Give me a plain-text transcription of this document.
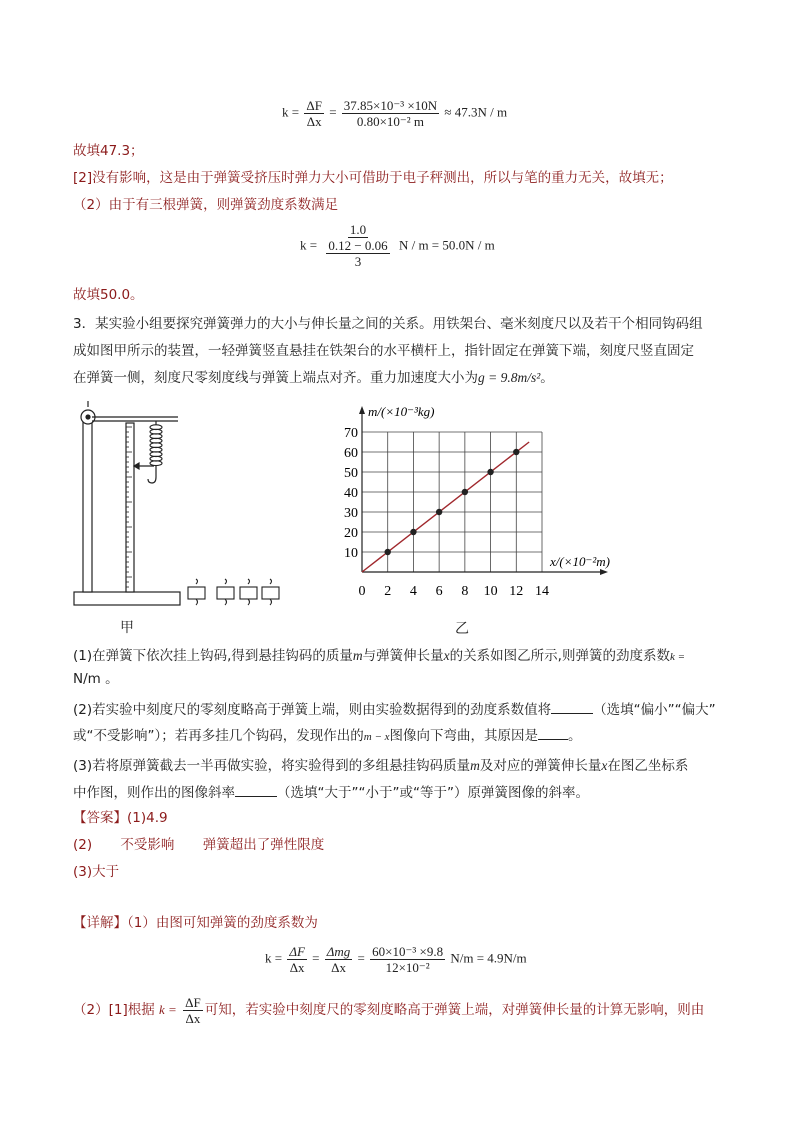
$k = \frac{\Delta F}{\Delta x} = \frac{\text{37.85×10⁻³ ×10N}}{\text{0.80×10⁻² m}} \approx 47.3N / m$
故填47.3；
[2]没有影响，这是由于弹簧受挤压时弹力大小可借助于电子秤测出，所以与笔的重力无关，故填无；
（2）由于有三根弹簧，则弹簧劲度系数满足
$k = \frac{1.0}{\frac{0.12 - 0.06}{3}}$ N / m = 50.0N / m
故填50.0。
3．某实验小组要探究弹簧弹力的大小与伸长量之间的关系。用铁架台、毫米刻度尺以及若干个相同钩码组
成如图甲所示的装置，一轻弹簧竖直悬挂在铁架台的水平横杆上，指针固定在弹簧下端，刻度尺竖直固定
在弹簧一侧，刻度尺零刻度线与弹簧上端点对齐。重力加速度大小为g = 9.8m/s²。
甲
0 2 4 6 8 10 12 14
10
20
30
40
50
60
70
m/(×10⁻³kg)
x/(×10⁻²m)
乙
(1)在弹簧下依次挂上钩码,得到悬挂钩码的质量m与弹簧伸长量x的关系如图乙所示,则弹簧的劲度系数k =
N/m 。
(2)若实验中刻度尺的零刻度略高于弹簧上端，则由实验数据得到的劲度系数值将	（选填“偏小”“偏大”
或“不受影响”）；若再多挂几个钩码，发现作出的m − x图像向下弯曲，其原因是 。
(3)若将原弹簧截去一半再做实验，将实验得到的多组悬挂钩码质量m及对应的弹簧伸长量x在图乙坐标系
中作图，则作出的图像斜率	（选填“大于”“小于”或“等于”）原弹簧图像的斜率。
【答案】(1)4.9
(2) 不受影响 弹簧超出了弹性限度
(3)大于
【详解】（1）由图可知弹簧的劲度系数为
$k = \frac{\Delta F}{\Delta x} = \frac{\text{Δmg}}{\Delta x} = \frac{\text{60×10⁻³ ×9.8}}{\text{12×10⁻²}} N/m = 4.9N/m$
（2）[1]根据 $k = \frac{\Delta F}{\Delta x}$ 可知，若实验中刻度尺的零刻度略高于弹簧上端，对弹簧伸长量的计算无影响，则由
